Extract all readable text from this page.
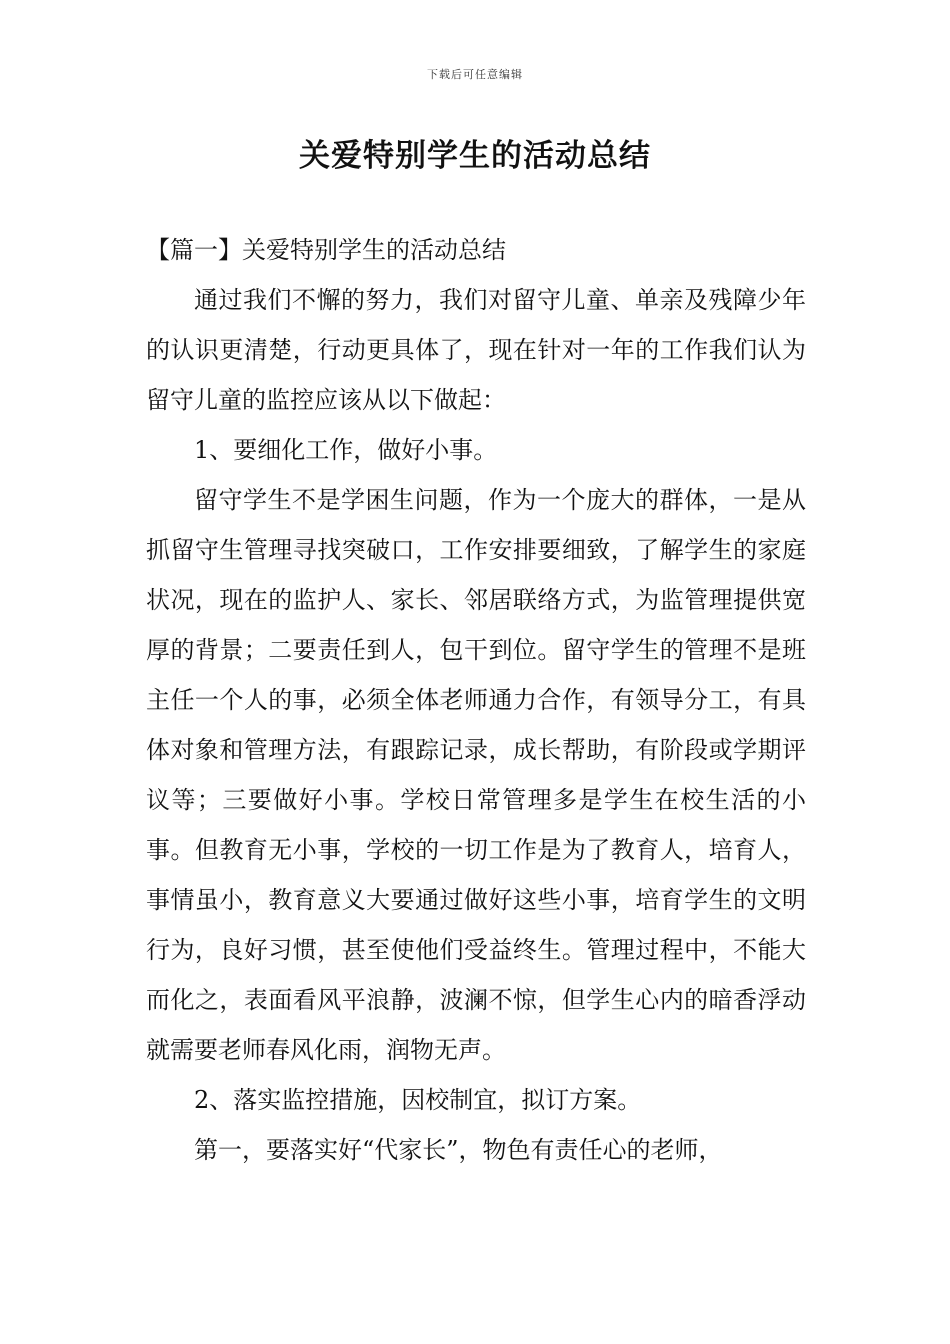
下载后可任意编辑
关爱特别学生的活动总结

【篇一】关爱特别学生的活动总结

通过我们不懈的努力，我们对留守儿童、单亲及残障少年的认识更清楚，行动更具体了，现在针对一年的工作我们认为留守儿童的监控应该从以下做起：

1、要细化工作，做好小事。

留守学生不是学困生问题，作为一个庞大的群体，一是从抓留守生管理寻找突破口，工作安排要细致，了解学生的家庭状况，现在的监护人、家长、邻居联络方式，为监管理提供宽厚的背景；二要责任到人，包干到位。留守学生的管理不是班主任一个人的事，必须全体老师通力合作，有领导分工，有具体对象和管理方法，有跟踪记录，成长帮助，有阶段或学期评议等；三要做好小事。学校日常管理多是学生在校生活的小事。但教育无小事，学校的一切工作是为了教育人，培育人，事情虽小，教育意义大要通过做好这些小事，培育学生的文明行为，良好习惯，甚至使他们受益终生。管理过程中，不能大而化之，表面看风平浪静，波澜不惊，但学生心内的暗香浮动就需要老师春风化雨，润物无声。

2、落实监控措施，因校制宜，拟订方案。

第一，要落实好“代家长”，物色有责任心的老师，
